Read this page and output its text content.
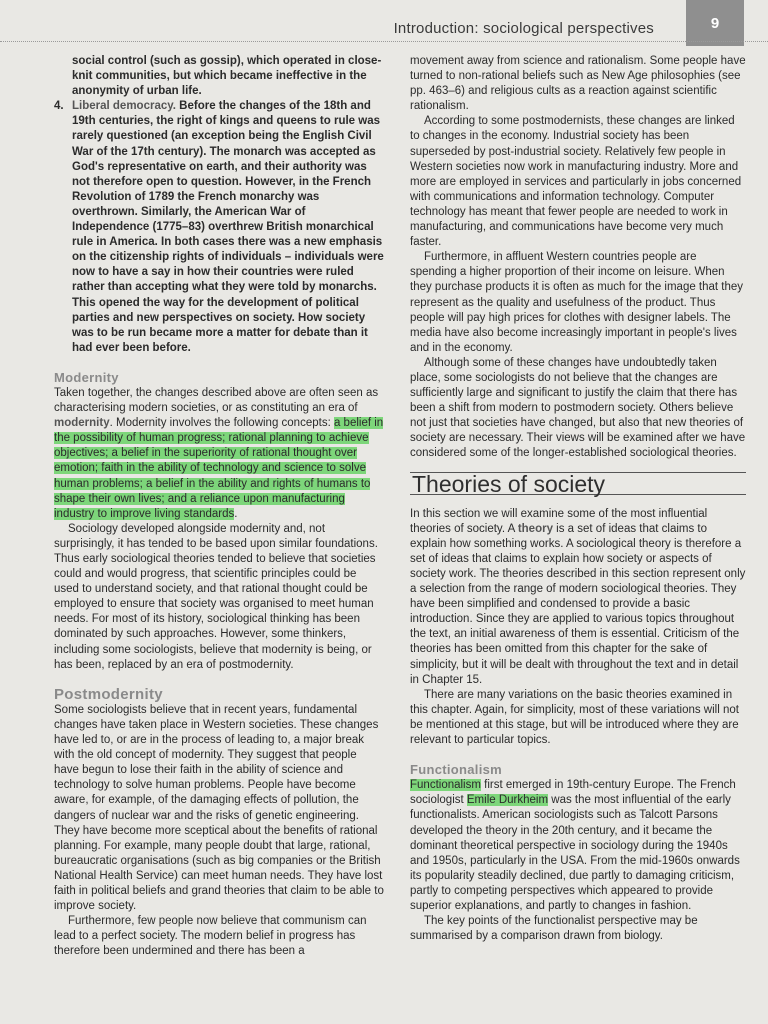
Introduction: sociological perspectives	9

social control (such as gossip), which operated in close-knit communities, but which became ineffective in the anonymity of urban life.

4. Liberal democracy. Before the changes of the 18th and 19th centuries, the right of kings and queens to rule was rarely questioned (an exception being the English Civil War of the 17th century). The monarch was accepted as God's representative on earth, and their authority was not therefore open to question. However, in the French Revolution of 1789 the French monarchy was overthrown. Similarly, the American War of Independence (1775–83) overthrew British monarchical rule in America. In both cases there was a new emphasis on the citizenship rights of individuals – individuals were now to have a say in how their countries were ruled rather than accepting what they were told by monarchs. This opened the way for the development of political parties and new perspectives on society. How society was to be run became more a matter for debate than it had ever been before.

Modernity

Taken together, the changes described above are often seen as characterising modern societies, or as constituting an era of modernity. Modernity involves the following concepts: a belief in the possibility of human progress; rational planning to achieve objectives; a belief in the superiority of rational thought over emotion; faith in the ability of technology and science to solve human problems; a belief in the ability and rights of humans to shape their own lives; and a reliance upon manufacturing industry to improve living standards.

Sociology developed alongside modernity and, not surprisingly, it has tended to be based upon similar foundations. Thus early sociological theories tended to believe that societies could and would progress, that scientific principles could be used to understand society, and that rational thought could be employed to ensure that society was organised to meet human needs. For most of its history, sociological thinking has been dominated by such approaches. However, some thinkers, including some sociologists, believe that modernity is being, or has been, replaced by an era of postmodernity.

Postmodernity

Some sociologists believe that in recent years, fundamental changes have taken place in Western societies. These changes have led to, or are in the process of leading to, a major break with the old concept of modernity. They suggest that people have begun to lose their faith in the ability of science and technology to solve human problems. People have become aware, for example, of the damaging effects of pollution, the dangers of nuclear war and the risks of genetic engineering. They have become more sceptical about the benefits of rational planning. For example, many people doubt that large, rational, bureaucratic organisations (such as big companies or the British National Health Service) can meet human needs. They have lost faith in political beliefs and grand theories that claim to be able to improve society.

Furthermore, few people now believe that communism can lead to a perfect society. The modern belief in progress has therefore been undermined and there has been a

movement away from science and rationalism. Some people have turned to non-rational beliefs such as New Age philosophies (see pp. 463–6) and religious cults as a reaction against scientific rationalism.

According to some postmodernists, these changes are linked to changes in the economy. Industrial society has been superseded by post-industrial society. Relatively few people in Western societies now work in manufacturing industry. More and more are employed in services and particularly in jobs concerned with communications and information technology. Computer technology has meant that fewer people are needed to work in manufacturing, and communications have become very much faster.

Furthermore, in affluent Western countries people are spending a higher proportion of their income on leisure. When they purchase products it is often as much for the image that they represent as the quality and usefulness of the product. Thus people will pay high prices for clothes with designer labels. The media have also become increasingly important in people's lives and in the economy.

Although some of these changes have undoubtedly taken place, some sociologists do not believe that the changes are sufficiently large and significant to justify the claim that there has been a shift from modern to postmodern society. Others believe not just that societies have changed, but also that new theories of society are necessary. Their views will be examined after we have considered some of the longer-established sociological theories.

Theories of society

In this section we will examine some of the most influential theories of society. A theory is a set of ideas that claims to explain how something works. A sociological theory is therefore a set of ideas that claims to explain how society or aspects of society work. The theories described in this section represent only a selection from the range of modern sociological theories. They have been simplified and condensed to provide a basic introduction. Since they are applied to various topics throughout the text, an initial awareness of them is essential. Criticism of the theories has been omitted from this chapter for the sake of simplicity, but it will be dealt with throughout the text and in detail in Chapter 15.

There are many variations on the basic theories examined in this chapter. Again, for simplicity, most of these variations will not be mentioned at this stage, but will be introduced where they are relevant to particular topics.

Functionalism

Functionalism first emerged in 19th-century Europe. The French sociologist Emile Durkheim was the most influential of the early functionalists. American sociologists such as Talcott Parsons developed the theory in the 20th century, and it became the dominant theoretical perspective in sociology during the 1940s and 1950s, particularly in the USA. From the mid-1960s onwards its popularity steadily declined, due partly to damaging criticism, partly to competing perspectives which appeared to provide superior explanations, and partly to changes in fashion.

The key points of the functionalist perspective may be summarised by a comparison drawn from biology.
